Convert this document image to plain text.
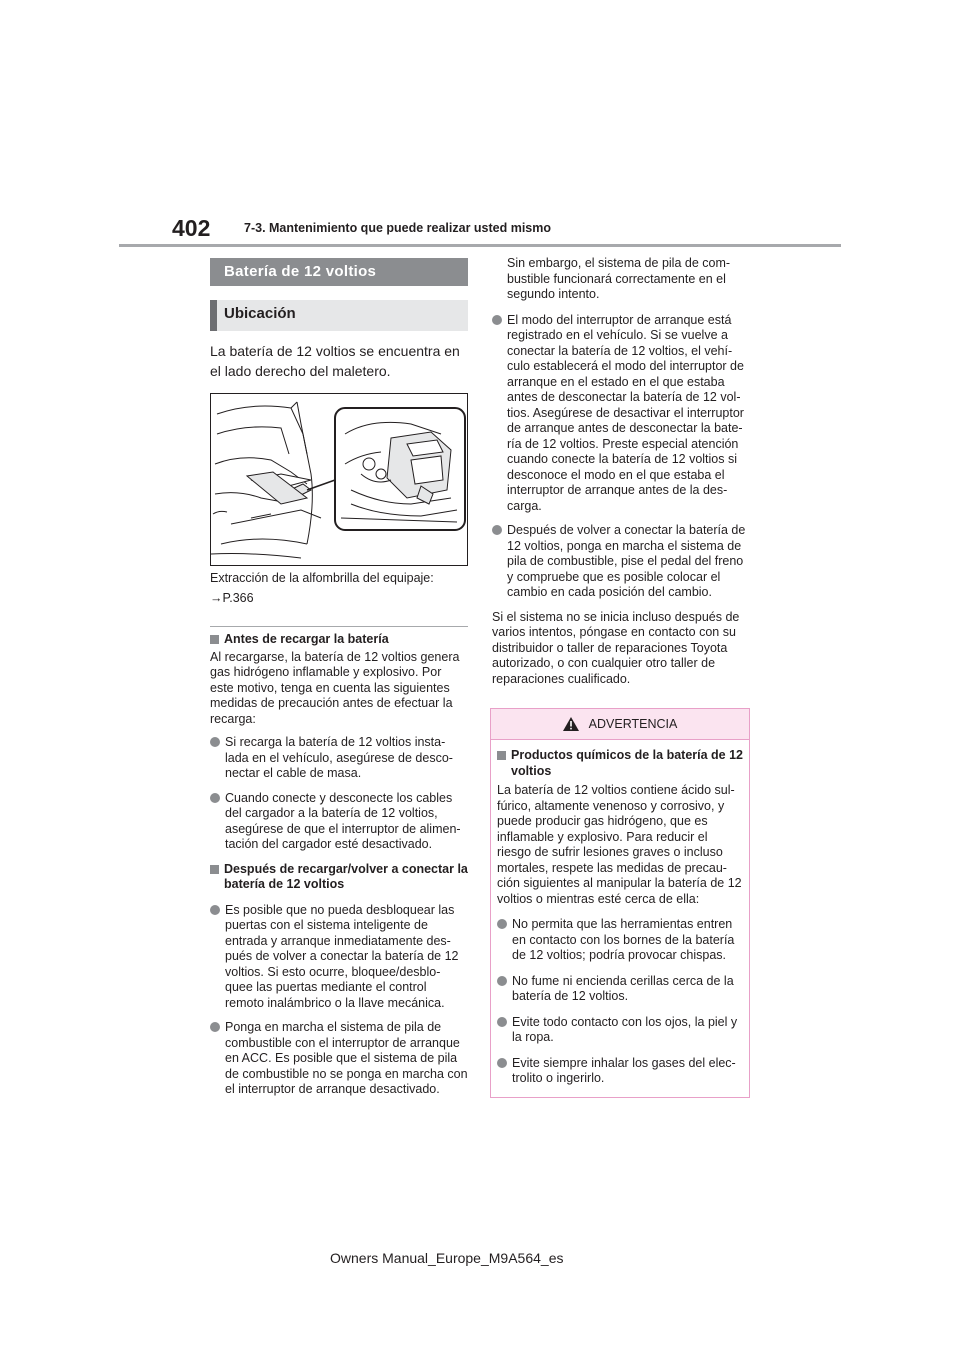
402	7-3. Mantenimiento que puede realizar usted mismo
Batería de 12 voltios
Ubicación
La batería de 12 voltios se encuentra en el lado derecho del maletero.
Extracción de la alfombrilla del equipaje:
→P.366
Antes de recargar la batería

Al recargarse, la batería de 12 voltios genera gas hidrógeno inflamable y explosivo. Por este motivo, tenga en cuenta las siguientes medidas de precaución antes de efectuar la recarga:

Si recarga la batería de 12 voltios insta-lada en el vehículo, asegúrese de desco-nectar el cable de masa.
Cuando conecte y desconecte los cables del cargador a la batería de 12 voltios, asegúrese de que el interruptor de alimen-tación del cargador esté desactivado.
Después de recargar/volver a conectar la batería de 12 voltios
Es posible que no pueda desbloquear las puertas con el sistema inteligente de entrada y arranque inmediatamente des-pués de volver a conectar la batería de 12 voltios. Si esto ocurre, bloquee/desblo-quee las puertas mediante el control remoto inalámbrico o la llave mecánica.
Ponga en marcha el sistema de pila de combustible con el interruptor de arranque en ACC. Es posible que el sistema de pila de combustible no se ponga en marcha con el interruptor de arranque desactivado.

Sin embargo, el sistema de pila de com-bustible funcionará correctamente en el segundo intento.

El modo del interruptor de arranque está registrado en el vehículo. Si se vuelve a conectar la batería de 12 voltios, el vehí-culo establecerá el modo del interruptor de arranque en el estado en el que estaba antes de desconectar la batería de 12 vol-tios. Asegúrese de desactivar el interruptor de arranque antes de desconectar la bate-ría de 12 voltios. Preste especial atención cuando conecte la batería de 12 voltios si desconoce el modo en el que estaba el interruptor de arranque antes de la des-carga.
Después de volver a conectar la batería de 12 voltios, ponga en marcha el sistema de pila de combustible, pise el pedal del freno y compruebe que es posible colocar el cambio en cada posición del cambio.

Si el sistema no se inicia incluso después de varios intentos, póngase en contacto con su distribuidor o taller de reparaciones Toyota autorizado, o con cualquier otro taller de reparaciones cualificado.

ADVERTENCIA
Productos químicos de la batería de 12 voltios

La batería de 12 voltios contiene ácido sul-fúrico, altamente venenoso y corrosivo, y puede producir gas hidrógeno, que es inflamable y explosivo. Para reducir el riesgo de sufrir lesiones graves o incluso mortales, respete las medidas de precau-ción siguientes al manipular la batería de 12 voltios o mientras esté cerca de ella:

No permita que las herramientas entren en contacto con los bornes de la batería de 12 voltios; podría provocar chispas.
No fume ni encienda cerillas cerca de la batería de 12 voltios.
Evite todo contacto con los ojos, la piel y la ropa.
Evite siempre inhalar los gases del elec-trolito o ingerirlo.
Owners Manual_Europe_M9A564_es
